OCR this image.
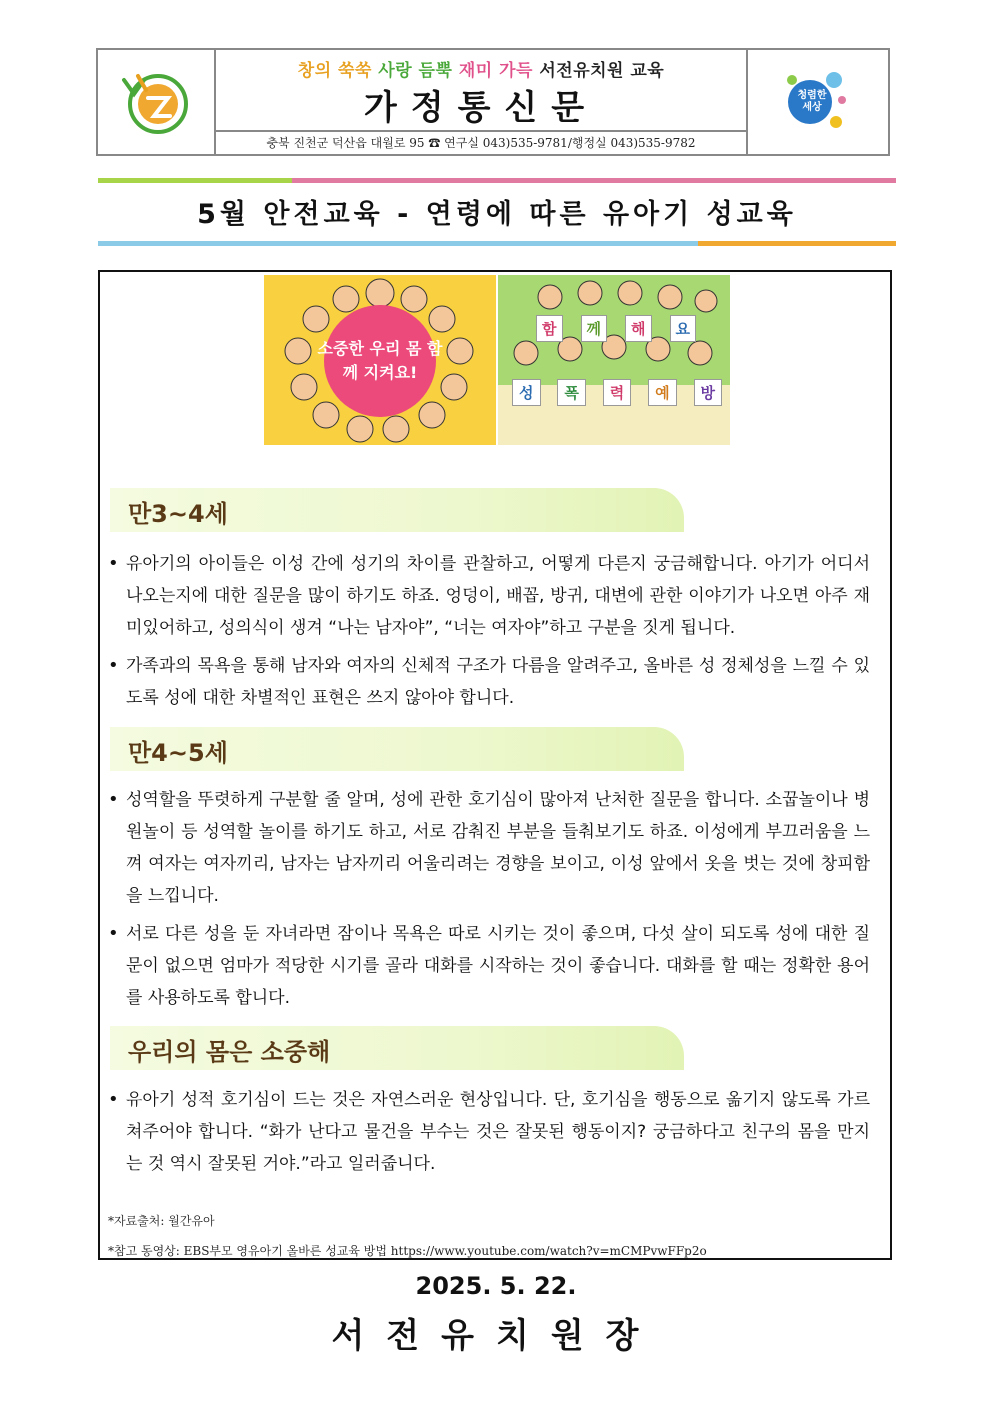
창의 쑥쑥 사랑 듬뿍 재미 가득 서전유치원 교육
가정통신문
충북 진천군 덕산읍 대월로 95 ☎ 연구실 043)535-9781/행정실 043)535-9782
청렴한 세상
5월 안전교육 - 연령에 따른 유아기 성교육
소중한 우리 몸 함께 지켜요!
함	께	해	요
성	폭	력	예	방
만3~4세
• 유아기의 아이들은 이성 간에 성기의 차이를 관찰하고, 어떻게 다른지 궁금해합니다. 아기가 어디서 나오는지에 대한 질문을 많이 하기도 하죠. 엉덩이, 배꼽, 방귀, 대변에 관한 이야기가 나오면 아주 재미있어하고, 성의식이 생겨 “나는 남자야”, “너는 여자야”하고 구분을 짓게 됩니다.
• 가족과의 목욕을 통해 남자와 여자의 신체적 구조가 다름을 알려주고, 올바른 성 정체성을 느낄 수 있도록 성에 대한 차별적인 표현은 쓰지 않아야 합니다.
만4~5세
• 성역할을 뚜렷하게 구분할 줄 알며, 성에 관한 호기심이 많아져 난처한 질문을 합니다. 소꿉놀이나 병원놀이 등 성역할 놀이를 하기도 하고, 서로 감춰진 부분을 들춰보기도 하죠. 이성에게 부끄러움을 느껴 여자는 여자끼리, 남자는 남자끼리 어울리려는 경향을 보이고, 이성 앞에서 옷을 벗는 것에 창피함을 느낍니다.
• 서로 다른 성을 둔 자녀라면 잠이나 목욕은 따로 시키는 것이 좋으며, 다섯 살이 되도록 성에 대한 질문이 없으면 엄마가 적당한 시기를 골라 대화를 시작하는 것이 좋습니다. 대화를 할 때는 정확한 용어를 사용하도록 합니다.
우리의 몸은 소중해
• 유아기 성적 호기심이 드는 것은 자연스러운 현상입니다. 단, 호기심을 행동으로 옮기지 않도록 가르쳐주어야 합니다. “화가 난다고 물건을 부수는 것은 잘못된 행동이지? 궁금하다고 친구의 몸을 만지는 것 역시 잘못된 거야.”라고 일러줍니다.
*자료출처: 월간유아
*참고 동영상: EBS부모 영유아기 올바른 성교육 방법 https://www.youtube.com/watch?v=mCMPvwFFp2o
2025. 5. 22.
서전유치원장
